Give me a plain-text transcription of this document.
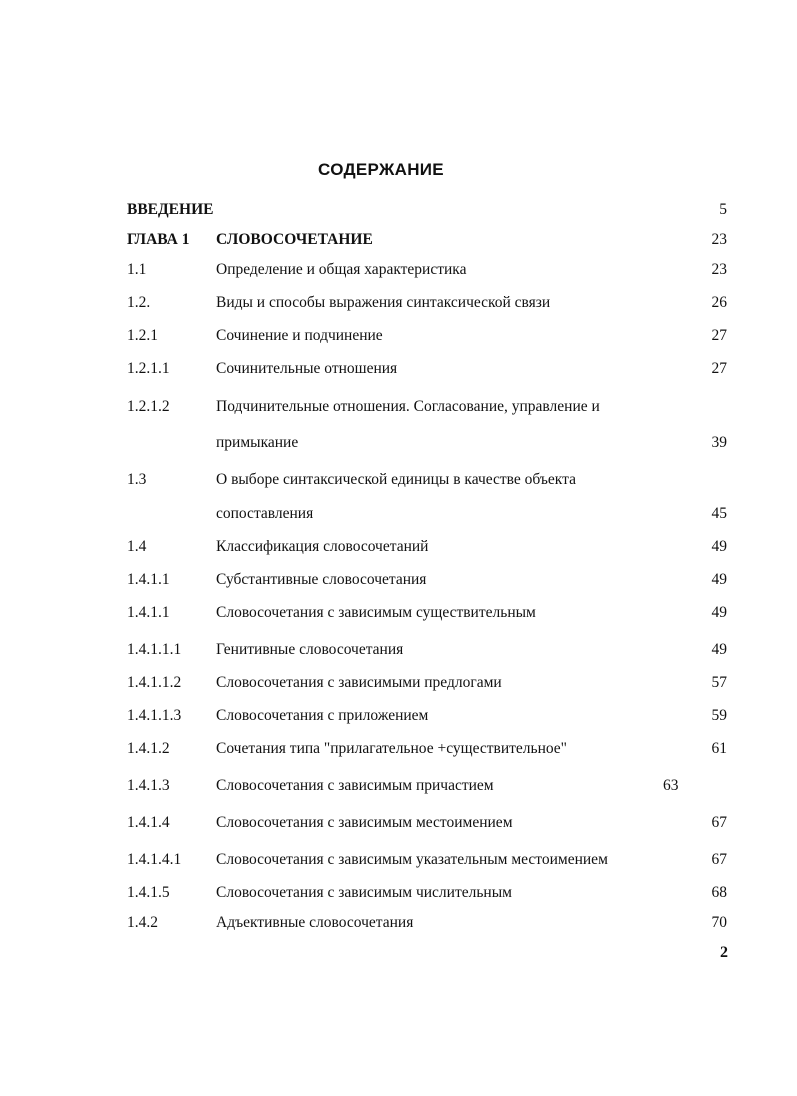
СОДЕРЖАНИЕ
ВВЕДЕНИЕ	5
ГЛАВА 1 СЛОВОСОЧЕТАНИЕ	23
1.1	Определение и общая характеристика	23
1.2.	Виды и способы выражения синтаксической связи	26
1.2.1	Сочинение и подчинение	27
1.2.1.1	Сочинительные отношения	27
1.2.1.2	Подчинительные отношения. Согласование, управление и
примыкание	39
1.3	О выборе синтаксической единицы в качестве объекта
сопоставления	45
1.4	Классификация словосочетаний	49
1.4.1.1	Субстантивные словосочетания	49
1.4.1.1	Словосочетания с зависимым существительным	49
1.4.1.1.1 Генитивные словосочетания	49
1.4.1.1.2 Словосочетания с зависимыми предлогами	57
1.4.1.1.3 Словосочетания с приложением	59
1.4.1.2	Сочетания типа "прилагательное +существительное"	61
1.4.1.3	Словосочетания с зависимым причастием	63
1.4.1.4	Словосочетания с зависимым местоимением	67
1.4.1.4.1 Словосочетания с зависимым указательным местоимением	67
1.4.1.5	Словосочетания с зависимым числительным	68
1.4.2	Адъективные словосочетания	70
2
